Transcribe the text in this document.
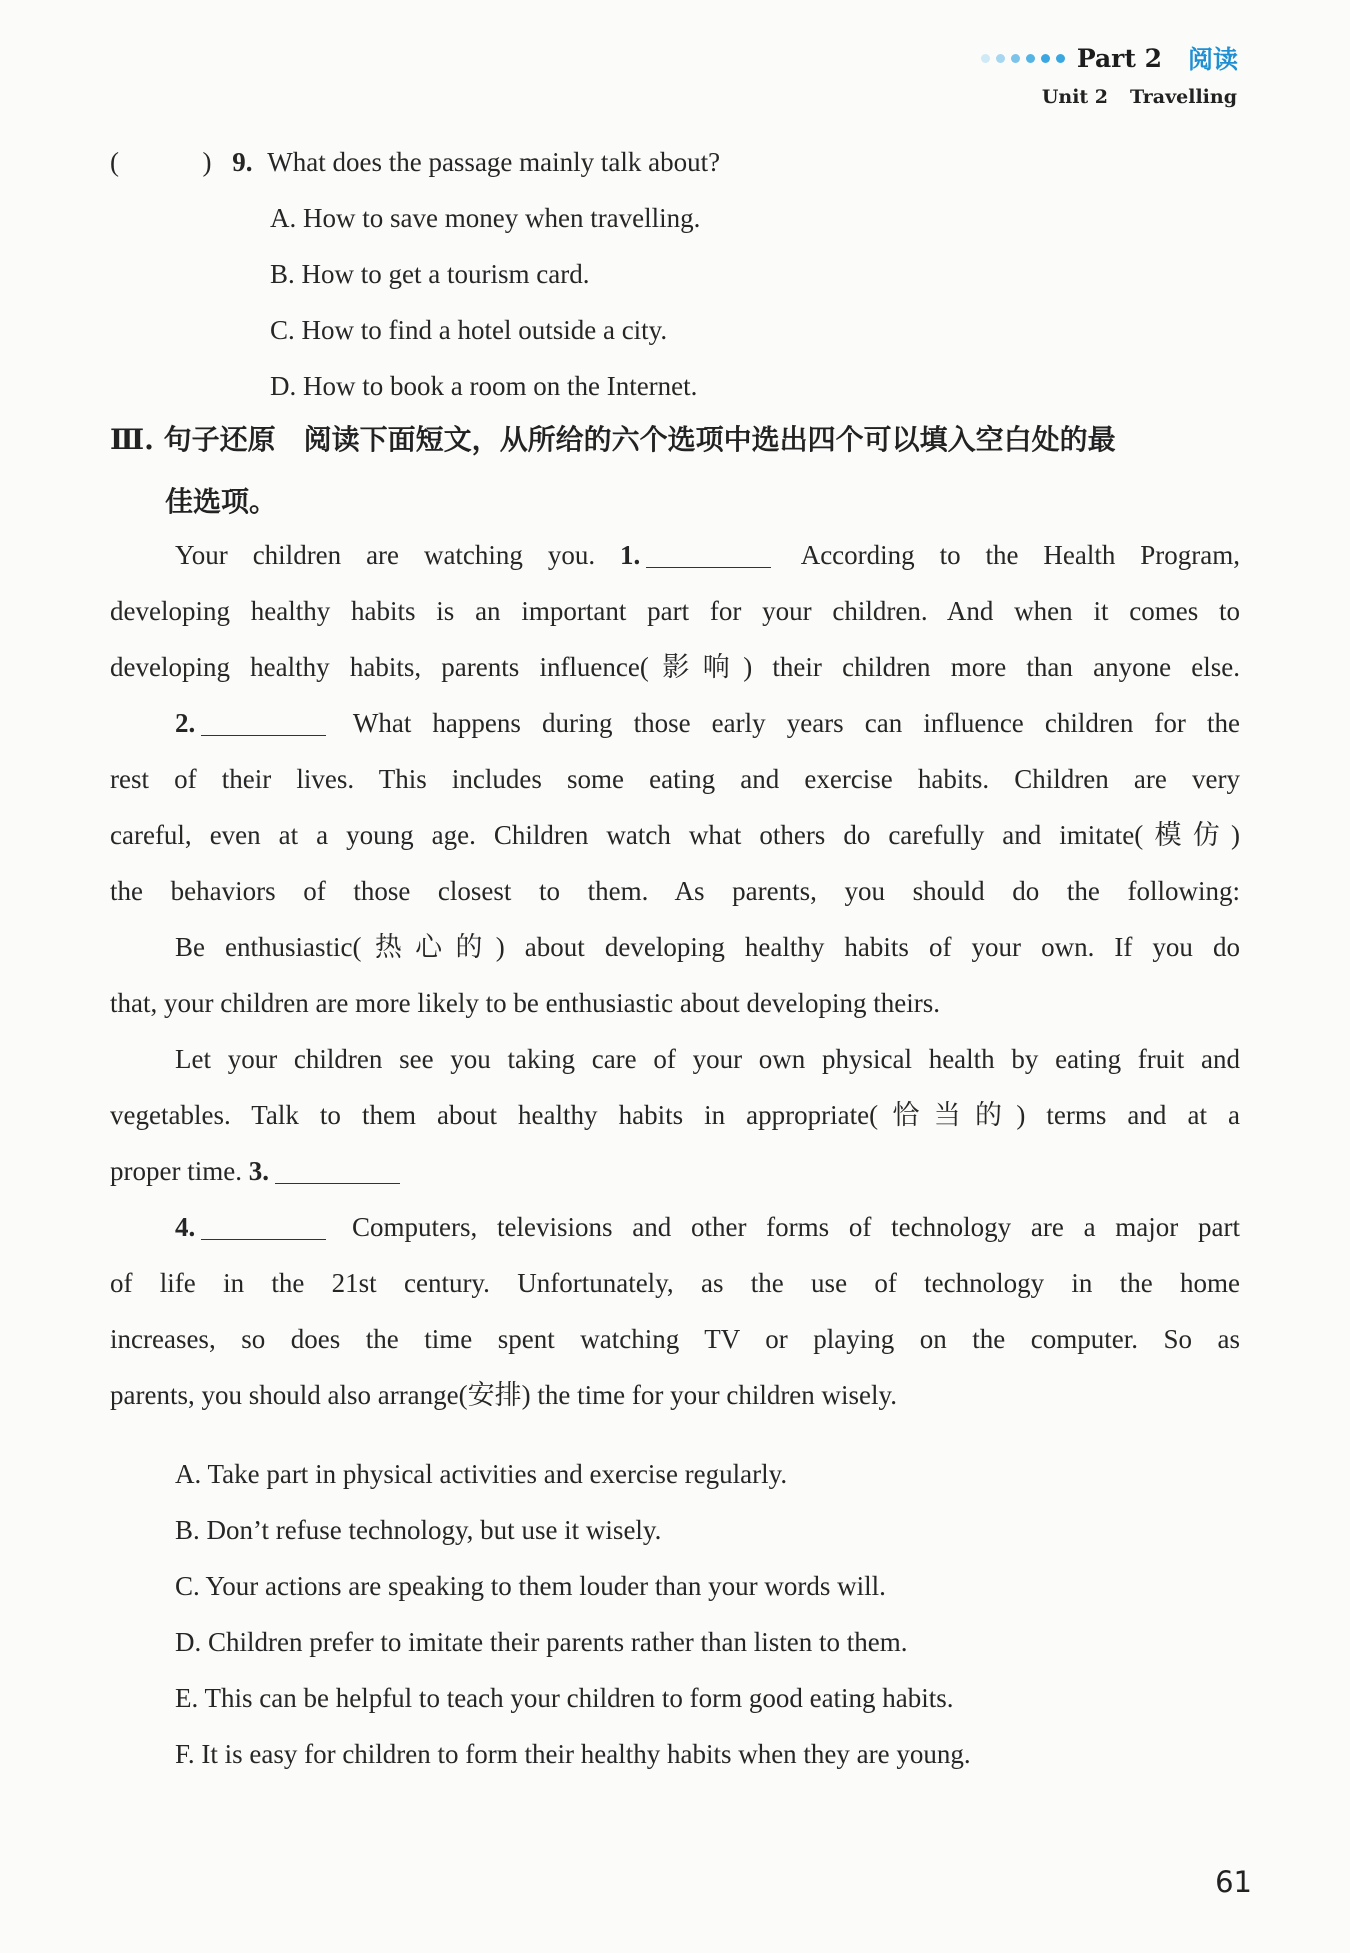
Part 2 阅读
Unit 2 Travelling
(	) 9. What does the passage mainly talk about?
A. How to save money when travelling.
B. How to get a tourism card.
C. How to find a hotel outside a city.
D. How to book a room on the Internet.
Ⅲ. 句子还原　阅读下面短文，从所给的六个选项中选出四个可以填入空白处的最
佳选项。
Your children are watching you. 1.	According to the Health Program,
developing healthy habits is an important part for your children. And when it comes to
developing healthy habits, parents influence(影响) their children more than anyone else.
2.	What happens during those early years can influence children for the
rest of their lives. This includes some eating and exercise habits. Children are very
careful, even at a young age. Children watch what others do carefully and imitate(模仿)
the behaviors of those closest to them. As parents, you should do the following:
Be enthusiastic(热心的) about developing healthy habits of your own. If you do
that, your children are more likely to be enthusiastic about developing theirs.
Let your children see you taking care of your own physical health by eating fruit and
vegetables. Talk to them about healthy habits in appropriate(恰当的) terms and at a
proper time. 3.
4.	Computers, televisions and other forms of technology are a major part
of life in the 21st century. Unfortunately, as the use of technology in the home
increases, so does the time spent watching TV or playing on the computer. So as
parents, you should also arrange(安排) the time for your children wisely.
A. Take part in physical activities and exercise regularly.
B. Don’t refuse technology, but use it wisely.
C. Your actions are speaking to them louder than your words will.
D. Children prefer to imitate their parents rather than listen to them.
E. This can be helpful to teach your children to form good eating habits.
F. It is easy for children to form their healthy habits when they are young.
61
